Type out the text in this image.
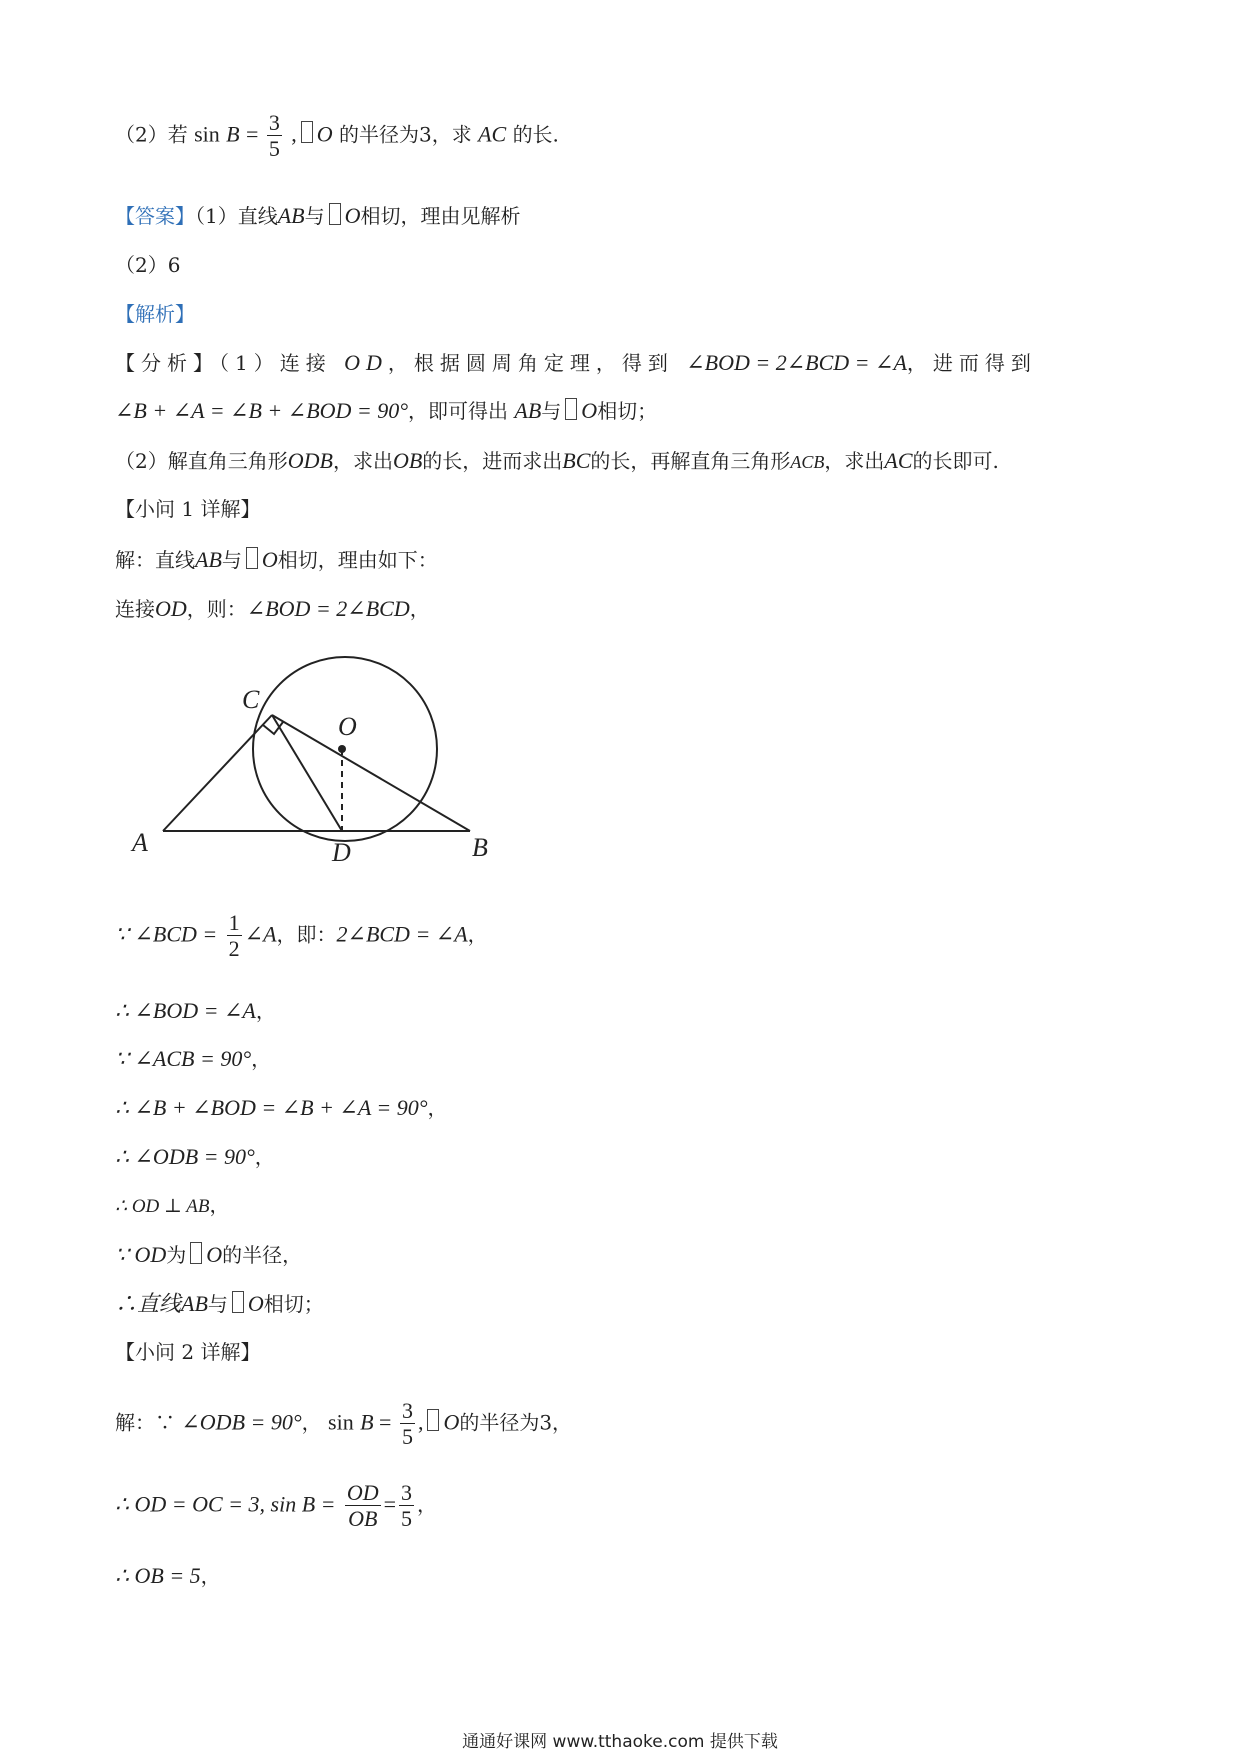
（2）若 $\sin B = \frac{3}{5}$ , O 的半径为3，求 AC 的长.
【答案】（1）直线AB与 O相切，理由见解析
（2）6
【解析】
【分析】（1）连接 OD，根据圆周角定理，得到 ∠BOD = 2∠BCD = ∠A，进而得到
∠B + ∠A = ∠B + ∠BOD = 90°，即可得出 AB与 O相切；
（2）解直角三角形ODB，求出OB的长，进而求出BC的长，再解直角三角形ACB，求出AC的长即可.
【小问 1 详解】
解：直线AB与 O相切，理由如下：
连接OD，则：∠BOD = 2∠BCD，
C
O
A	D	B
∵ ∠BCD = $\frac{1}{2}$ ∠A，即：2∠BCD = ∠A，
∴ ∠BOD = ∠A，
∵ ∠ACB = 90°，
∴ ∠B + ∠BOD = ∠B + ∠A = 90°，
∴ ∠ODB = 90°，
∴ OD ⊥ AB，
∵ OD为 O的半径，
∴直线AB与 O相切；
【小问 2 详解】
解：∵ ∠ODB = 90°， $\sin B = \frac{3}{5}$ , O的半径为3，
∴ OD = OC = 3, $\sin B = \frac{OD}{OB} = \frac{3}{5}$ ，
∴ OB = 5，
通通好课网 www.tthaoke.com 提供下载
